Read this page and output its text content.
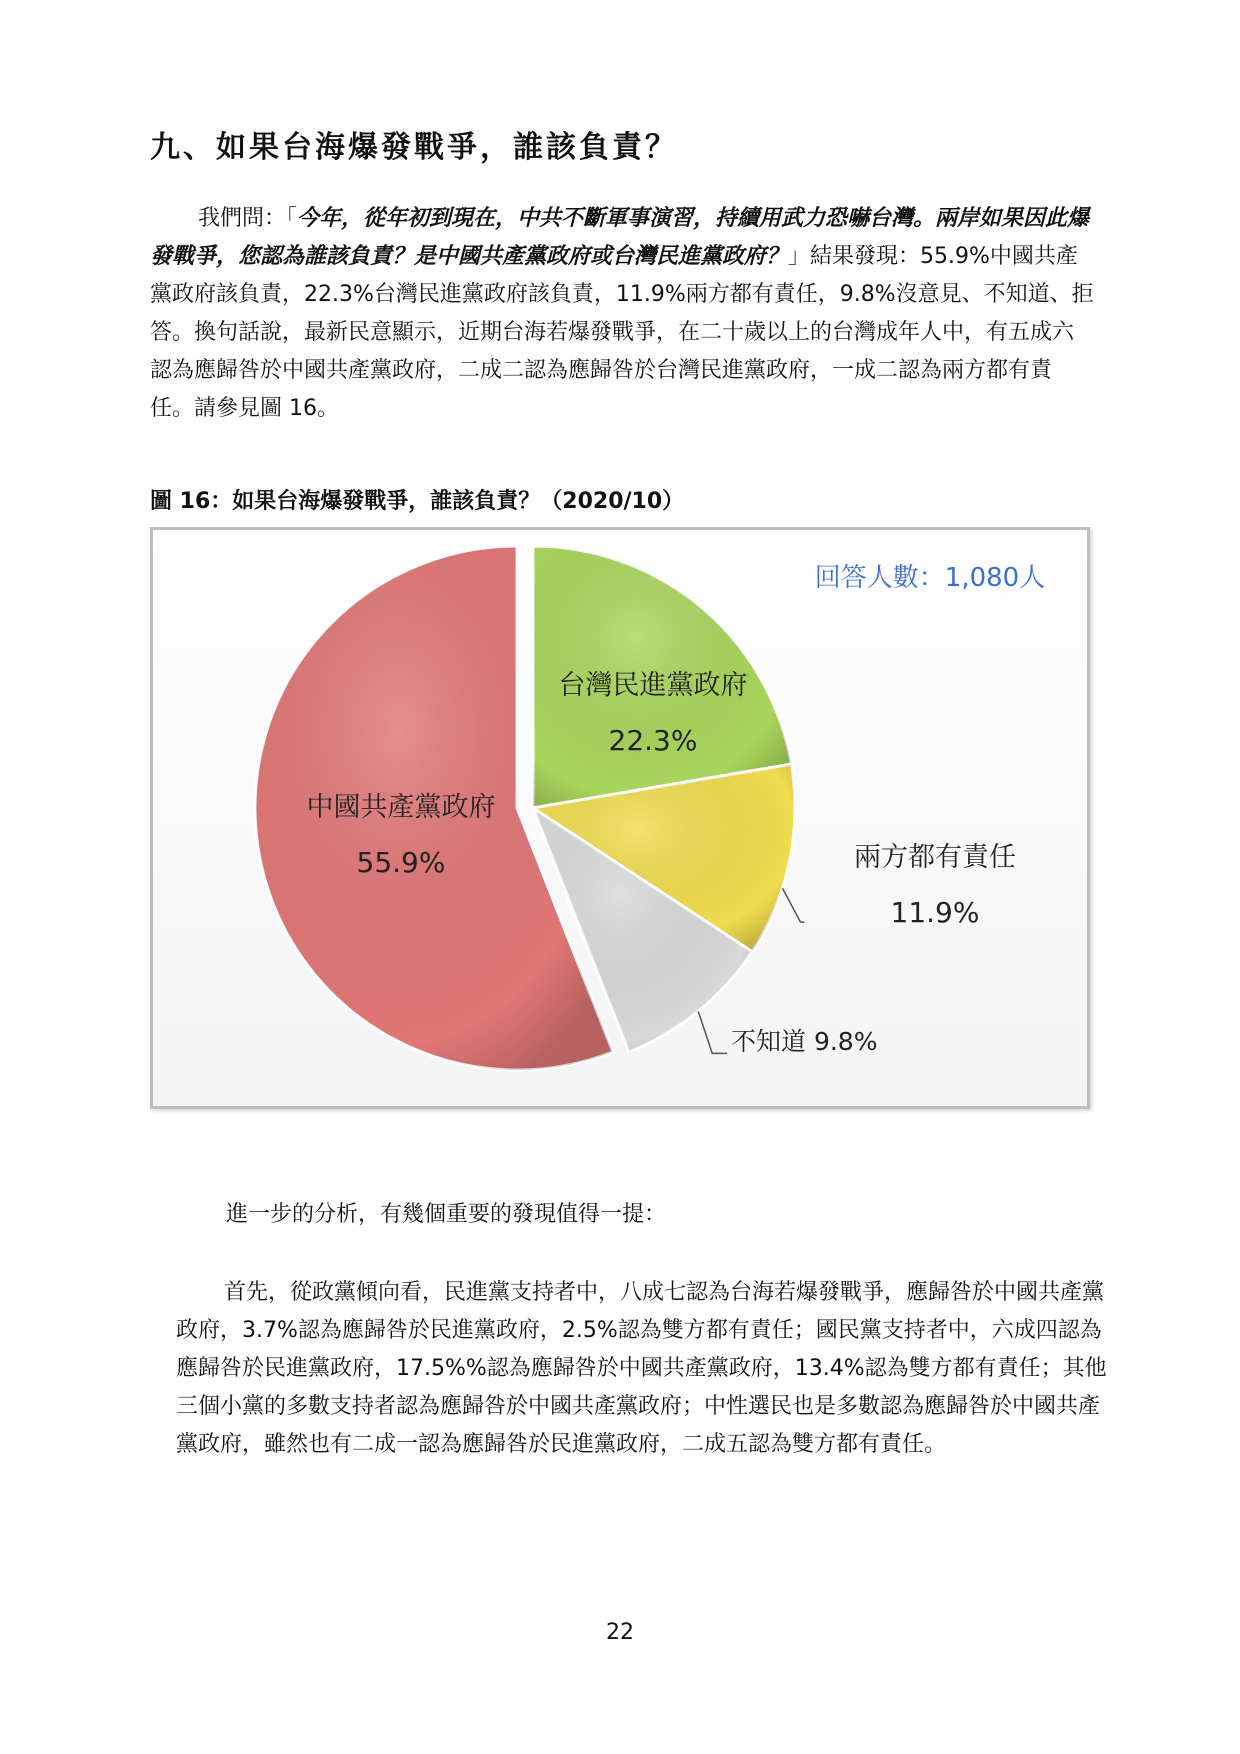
九、如果台海爆發戰爭，誰該負責？
我們問：「今年，從年初到現在，中共不斷軍事演習，持續用武力恐嚇台灣。兩岸如果因此爆發戰爭，您認為誰該負責？是中國共產黨政府或台灣民進黨政府？」結果發現：55.9%中國共產黨政府該負責，22.3%台灣民進黨政府該負責，11.9%兩方都有責任，9.8%沒意見、不知道、拒答。換句話說，最新民意顯示，近期台海若爆發戰爭，在二十歲以上的台灣成年人中，有五成六認為應歸咎於中國共產黨政府，二成二認為應歸咎於台灣民進黨政府，一成二認為兩方都有責任。請參見圖 16。
圖 16：如果台海爆發戰爭，誰該負責？（2020/10）
回答人數：1,080人
台灣民進黨政府
22.3%
中國共產黨政府
55.9%	兩方都有責任
11.9%
不知道 9.8%
進一步的分析，有幾個重要的發現值得一提：
首先，從政黨傾向看，民進黨支持者中，八成七認為台海若爆發戰爭，應歸咎於中國共產黨政府，3.7%認為應歸咎於民進黨政府，2.5%認為雙方都有責任；國民黨支持者中，六成四認為應歸咎於民進黨政府，17.5%%認為應歸咎於中國共產黨政府，13.4%認為雙方都有責任；其他三個小黨的多數支持者認為應歸咎於中國共產黨政府；中性選民也是多數認為應歸咎於中國共產黨政府，雖然也有二成一認為應歸咎於民進黨政府，二成五認為雙方都有責任。
22
